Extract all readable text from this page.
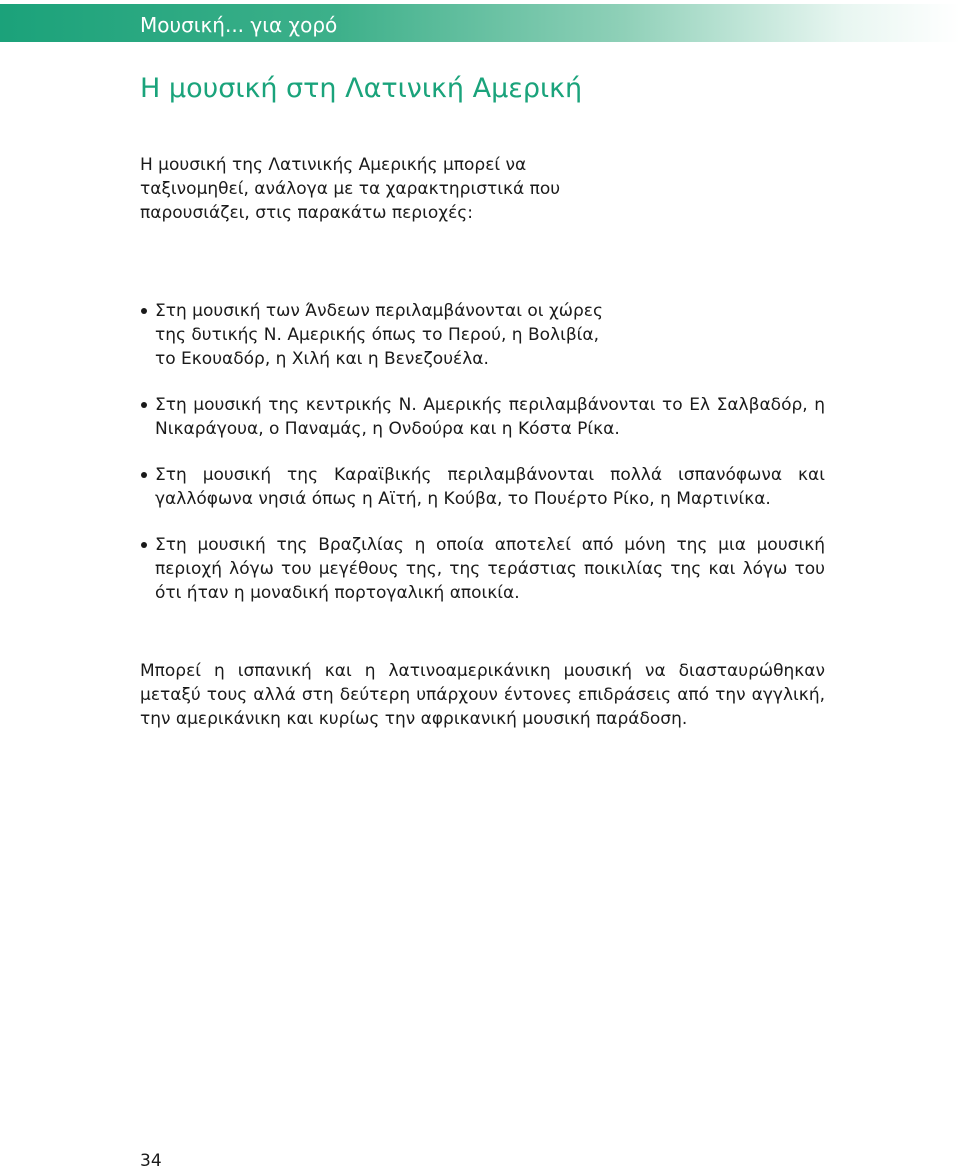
Μουσική... για χορό
Η μουσική στη Λατινική Αμερική

Η μουσική της Λατινικής Αμερικής μπορεί να ταξινομηθεί, ανάλογα με τα χαρακτηριστικά που παρουσιάζει, στις παρακάτω περιοχές:

Στη μουσική των Άνδεων περιλαμβάνονται οι χώρες της δυτικής Ν. Αμερικής όπως το Περού, η Βολιβία, το Εκουαδόρ, η Χιλή και η Βενεζουέλα.
Στη μουσική της κεντρικής Ν. Αμερικής περιλαμβάνονται το Ελ Σαλβαδόρ, η Νικαράγουα, ο Παναμάς, η Ονδούρα και η Κόστα Ρίκα.
Στη μουσική της Καραϊβικής περιλαμβάνονται πολλά ισπανόφωνα και γαλλόφωνα νησιά όπως η Αϊτή, η Κούβα, το Πουέρτο Ρίκο, η Μαρτινίκα.
Στη μουσική της Βραζιλίας η οποία αποτελεί από μόνη της μια μουσική περιοχή λόγω του μεγέθους της, της τεράστιας ποικιλίας της και λόγω του ότι ήταν η μοναδική πορτογαλική αποικία.

Μπορεί η ισπανική και η λατινοαμερικάνικη μουσική να διασταυρώθηκαν μεταξύ τους αλλά στη δεύτερη υπάρχουν έντονες επιδράσεις από την αγγλική, την αμερικάνικη και κυρίως την αφρικανική μουσική παράδοση.

34
